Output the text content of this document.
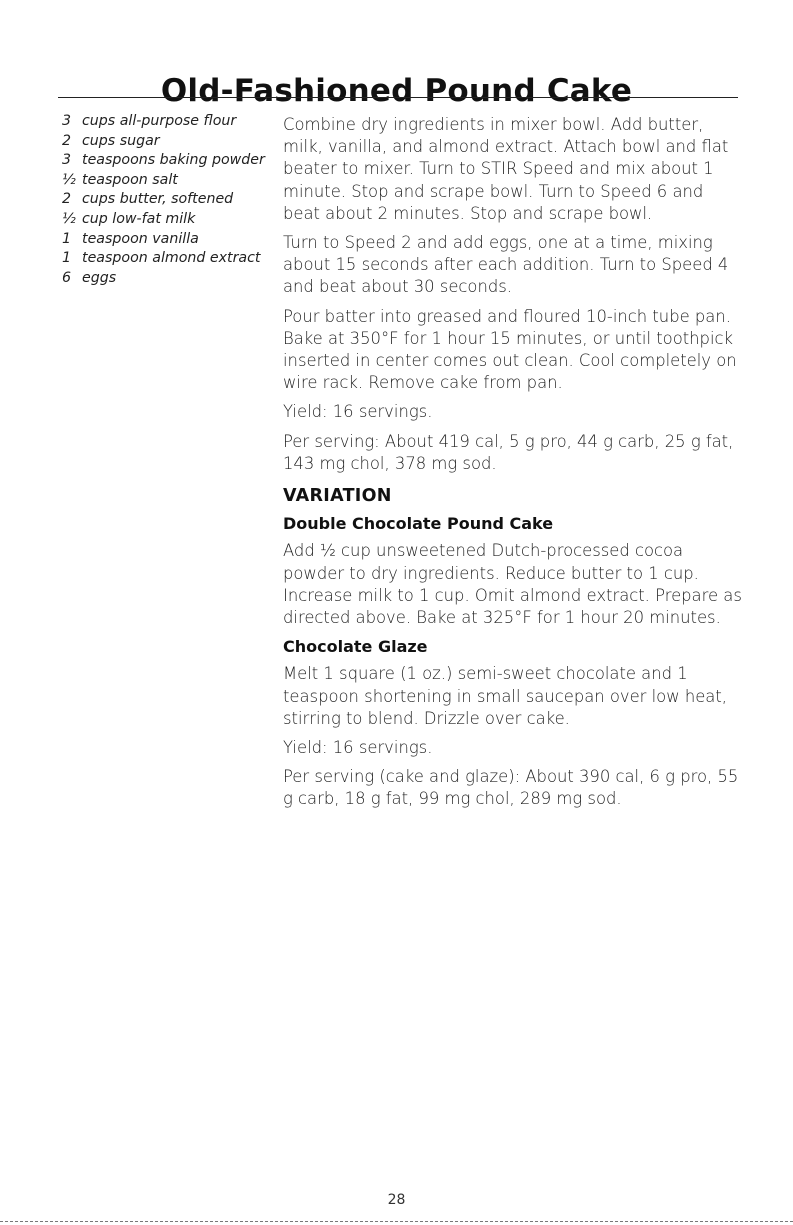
Old-Fashioned Pound Cake
3 cups all-purpose flour
2 cups sugar
3 teaspoons baking powder
½ teaspoon salt
2 cups butter, softened
½ cup low-fat milk
1 teaspoon vanilla
1 teaspoon almond extract
6 eggs

Combine dry ingredients in mixer bowl. Add butter, milk, vanilla, and almond extract. Attach bowl and flat beater to mixer. Turn to STIR Speed and mix about 1 minute. Stop and scrape bowl. Turn to Speed 6 and beat about 2 minutes. Stop and scrape bowl.

Turn to Speed 2 and add eggs, one at a time, mixing about 15 seconds after each addition. Turn to Speed 4 and beat about 30 seconds.

Pour batter into greased and floured 10-inch tube pan. Bake at 350°F for 1 hour 15 minutes, or until toothpick inserted in center comes out clean. Cool completely on wire rack. Remove cake from pan.

Yield: 16 servings.

Per serving: About 419 cal, 5 g pro, 44 g carb, 25 g fat, 143 mg chol, 378 mg sod.

VARIATION
Double Chocolate Pound Cake

Add ½ cup unsweetened Dutch-processed cocoa powder to dry ingredients. Reduce butter to 1 cup. Increase milk to 1 cup. Omit almond extract. Prepare as directed above. Bake at 325°F for 1 hour 20 minutes.

Chocolate Glaze

Melt 1 square (1 oz.) semi-sweet chocolate and 1 teaspoon shortening in small saucepan over low heat, stirring to blend. Drizzle over cake.

Yield: 16 servings.

Per serving (cake and glaze): About 390 cal, 6 g pro, 55 g carb, 18 g fat, 99 mg chol, 289 mg sod.

28
